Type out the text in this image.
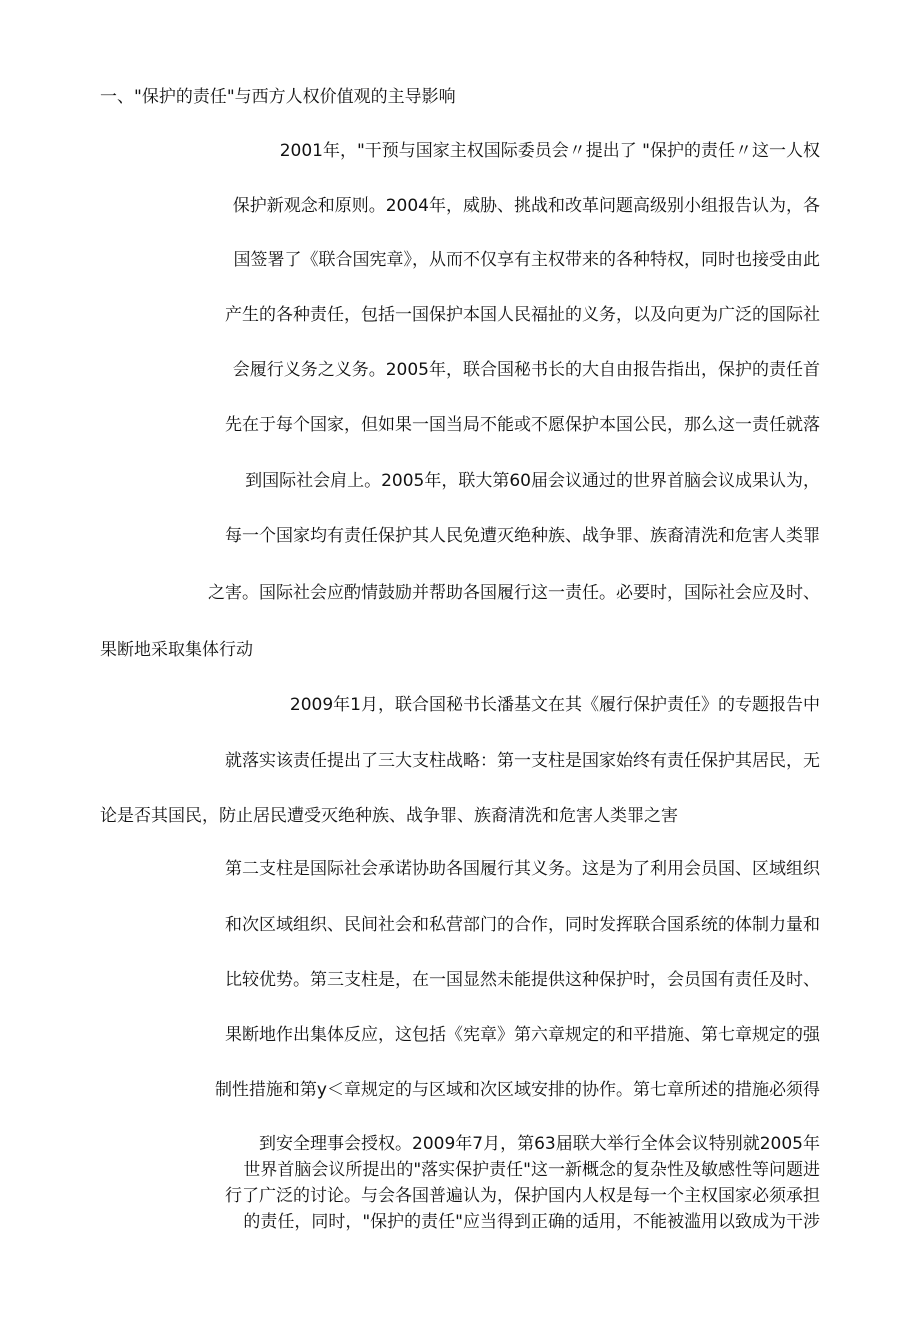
一、"保护的责任"与西方人权价值观的主导影响
2001年，"干预与国家主权国际委员会〃提出了 "保护的责任〃这一人权
保护新观念和原则。2004年，威胁、挑战和改革问题高级别小组报告认为，各
国签署了《联合国宪章》，从而不仅享有主权带来的各种特权，同时也接受由此
产生的各种责任，包括一国保护本国人民福扯的义务，以及向更为广泛的国际社
会履行义务之义务。2005年，联合国秘书长的大自由报告指出，保护的责任首
先在于每个国家，但如果一国当局不能或不愿保护本国公民，那么这一责任就落
到国际社会肩上。2005年，联大第60届会议通过的世界首脑会议成果认为，
每一个国家均有责任保护其人民免遭灭绝种族、战争罪、族裔清洗和危害人类罪
之害。国际社会应酌情鼓励并帮助各国履行这一责任。必要时，国际社会应及时、
果断地采取集体行动
2009年1月，联合国秘书长潘基文在其《履行保护责任》的专题报告中
就落实该责任提出了三大支柱战略：第一支柱是国家始终有责任保护其居民，无
论是否其国民，防止居民遭受灭绝种族、战争罪、族裔清洗和危害人类罪之害
第二支柱是国际社会承诺协助各国履行其义务。这是为了利用会员国、区域组织
和次区域组织、民间社会和私营部门的合作，同时发挥联合国系统的体制力量和
比较优势。第三支柱是，在一国显然未能提供这种保护时，会员国有责任及时、
果断地作出集体反应，这包括《宪章》第六章规定的和平措施、第七章规定的强
制性措施和第y＜章规定的与区域和次区域安排的协作。第七章所述的措施必须得
到安全理事会授权。2009年7月，第63届联大举行全体会议特别就2005年
世界首脑会议所提出的"落实保护责任"这一新概念的复杂性及敏感性等问题进
行了广泛的讨论。与会各国普遍认为，保护国内人权是每一个主权国家必须承担
的责任，同时，"保护的责任"应当得到正确的适用，不能被滥用以致成为干涉
